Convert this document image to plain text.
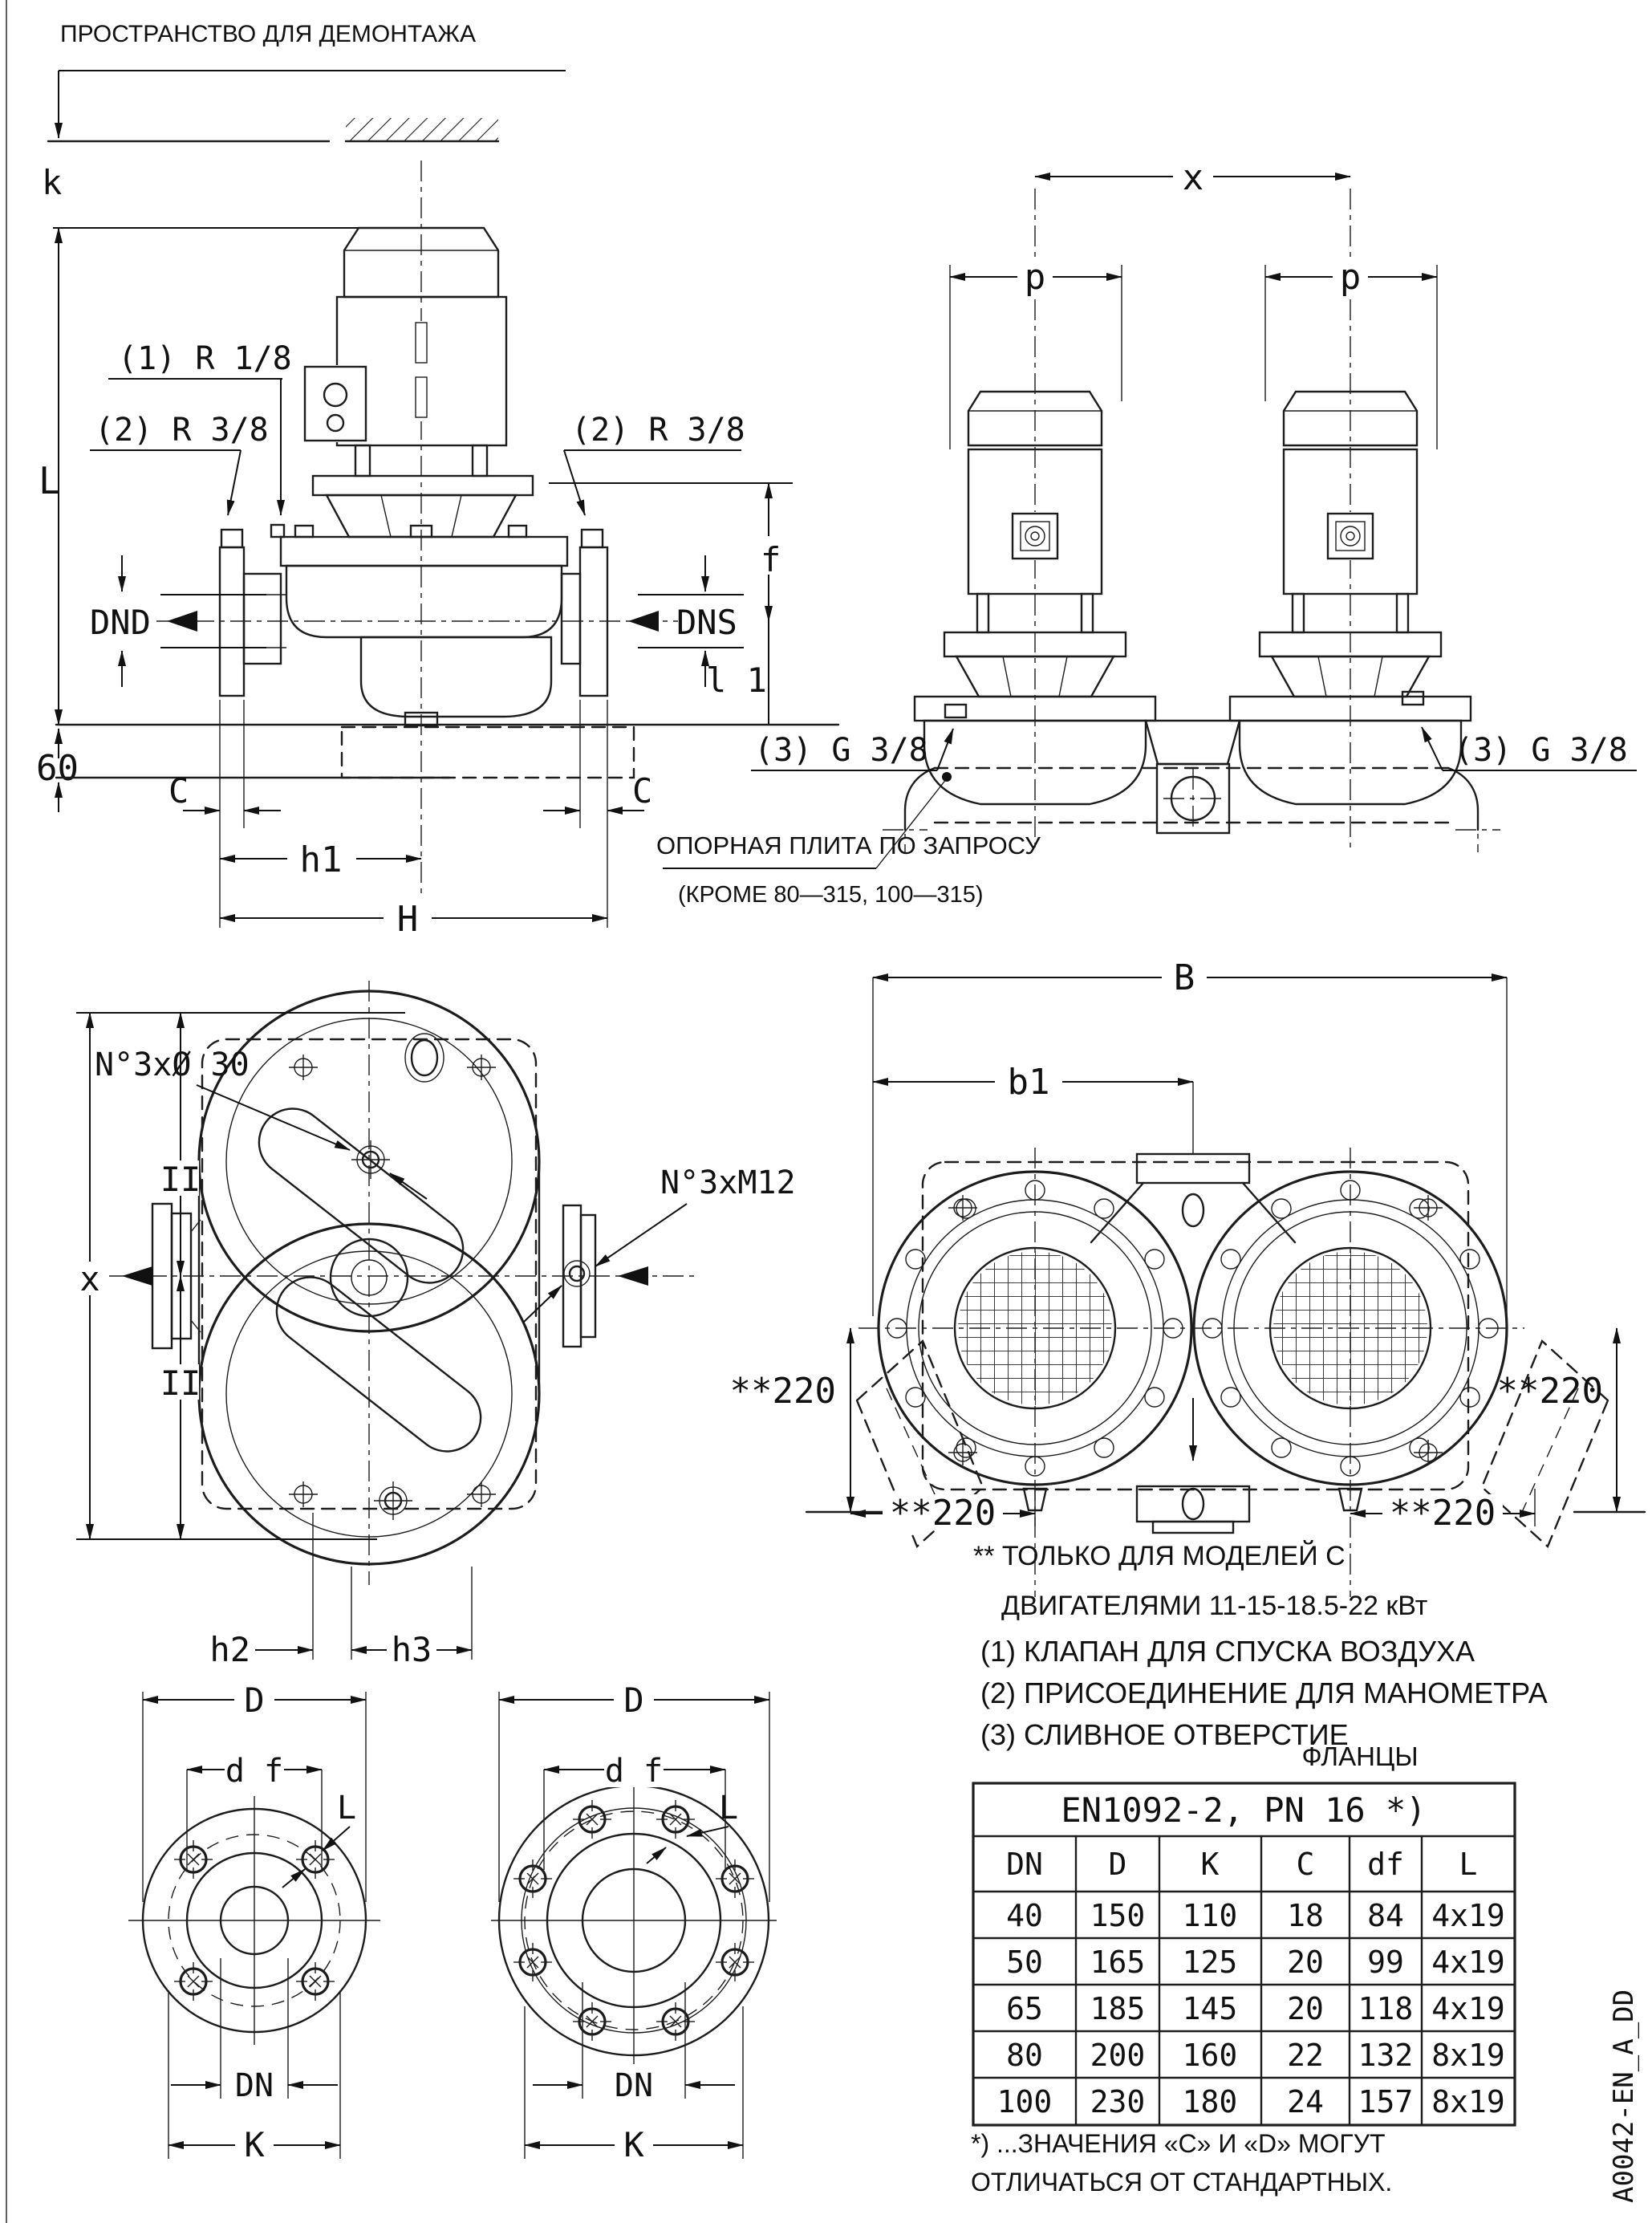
ПРОСТРАНСТВО ДЛЯ ДЕМОНТАЖА
k
L
DND	DNS
f
l 1
60
C	C
h1
H
(1) R 1/8
(2) R 3/8	(2) R 3/8
x
p	p
(3) G 3/8	(3) G 3/8
ОПОРНАЯ ПЛИТА ПО ЗАПРОСУ
(КРОМЕ 80—315, 100—315)
N°3xØ 30
N°3xM12
x
II
II
h2	h3
B
b1
**220	**220
**220	**220
** ТОЛЬКО ДЛЯ МОДЕЛЕЙ С
ДВИГАТЕЛЯМИ 11-15-18.5-22 кВт
(1) КЛАПАН ДЛЯ СПУСКА ВОЗДУХА
(2) ПРИСОЕДИНЕНИЕ ДЛЯ МАНОМЕТРА
(3) СЛИВНОЕ ОТВЕРСТИЕ
D
d f
L
DN
K
D
d f
L
DN
K
ФЛАНЦЫ
EN1092-2, PN 16 *)
DN D K	C df L
40 150 110 18 84 4x19
50 165 125 20 99 4x19
65 185 145 20 118 4x19
80 200 160 22 132 8x19
100 230 180 24 157 8x19
*) ...ЗНАЧЕНИЯ «С» И «D» МОГУТ
ОТЛИЧАТЬСЯ ОТ СТАНДАРТНЫХ.	A0042-EN_A_DD
